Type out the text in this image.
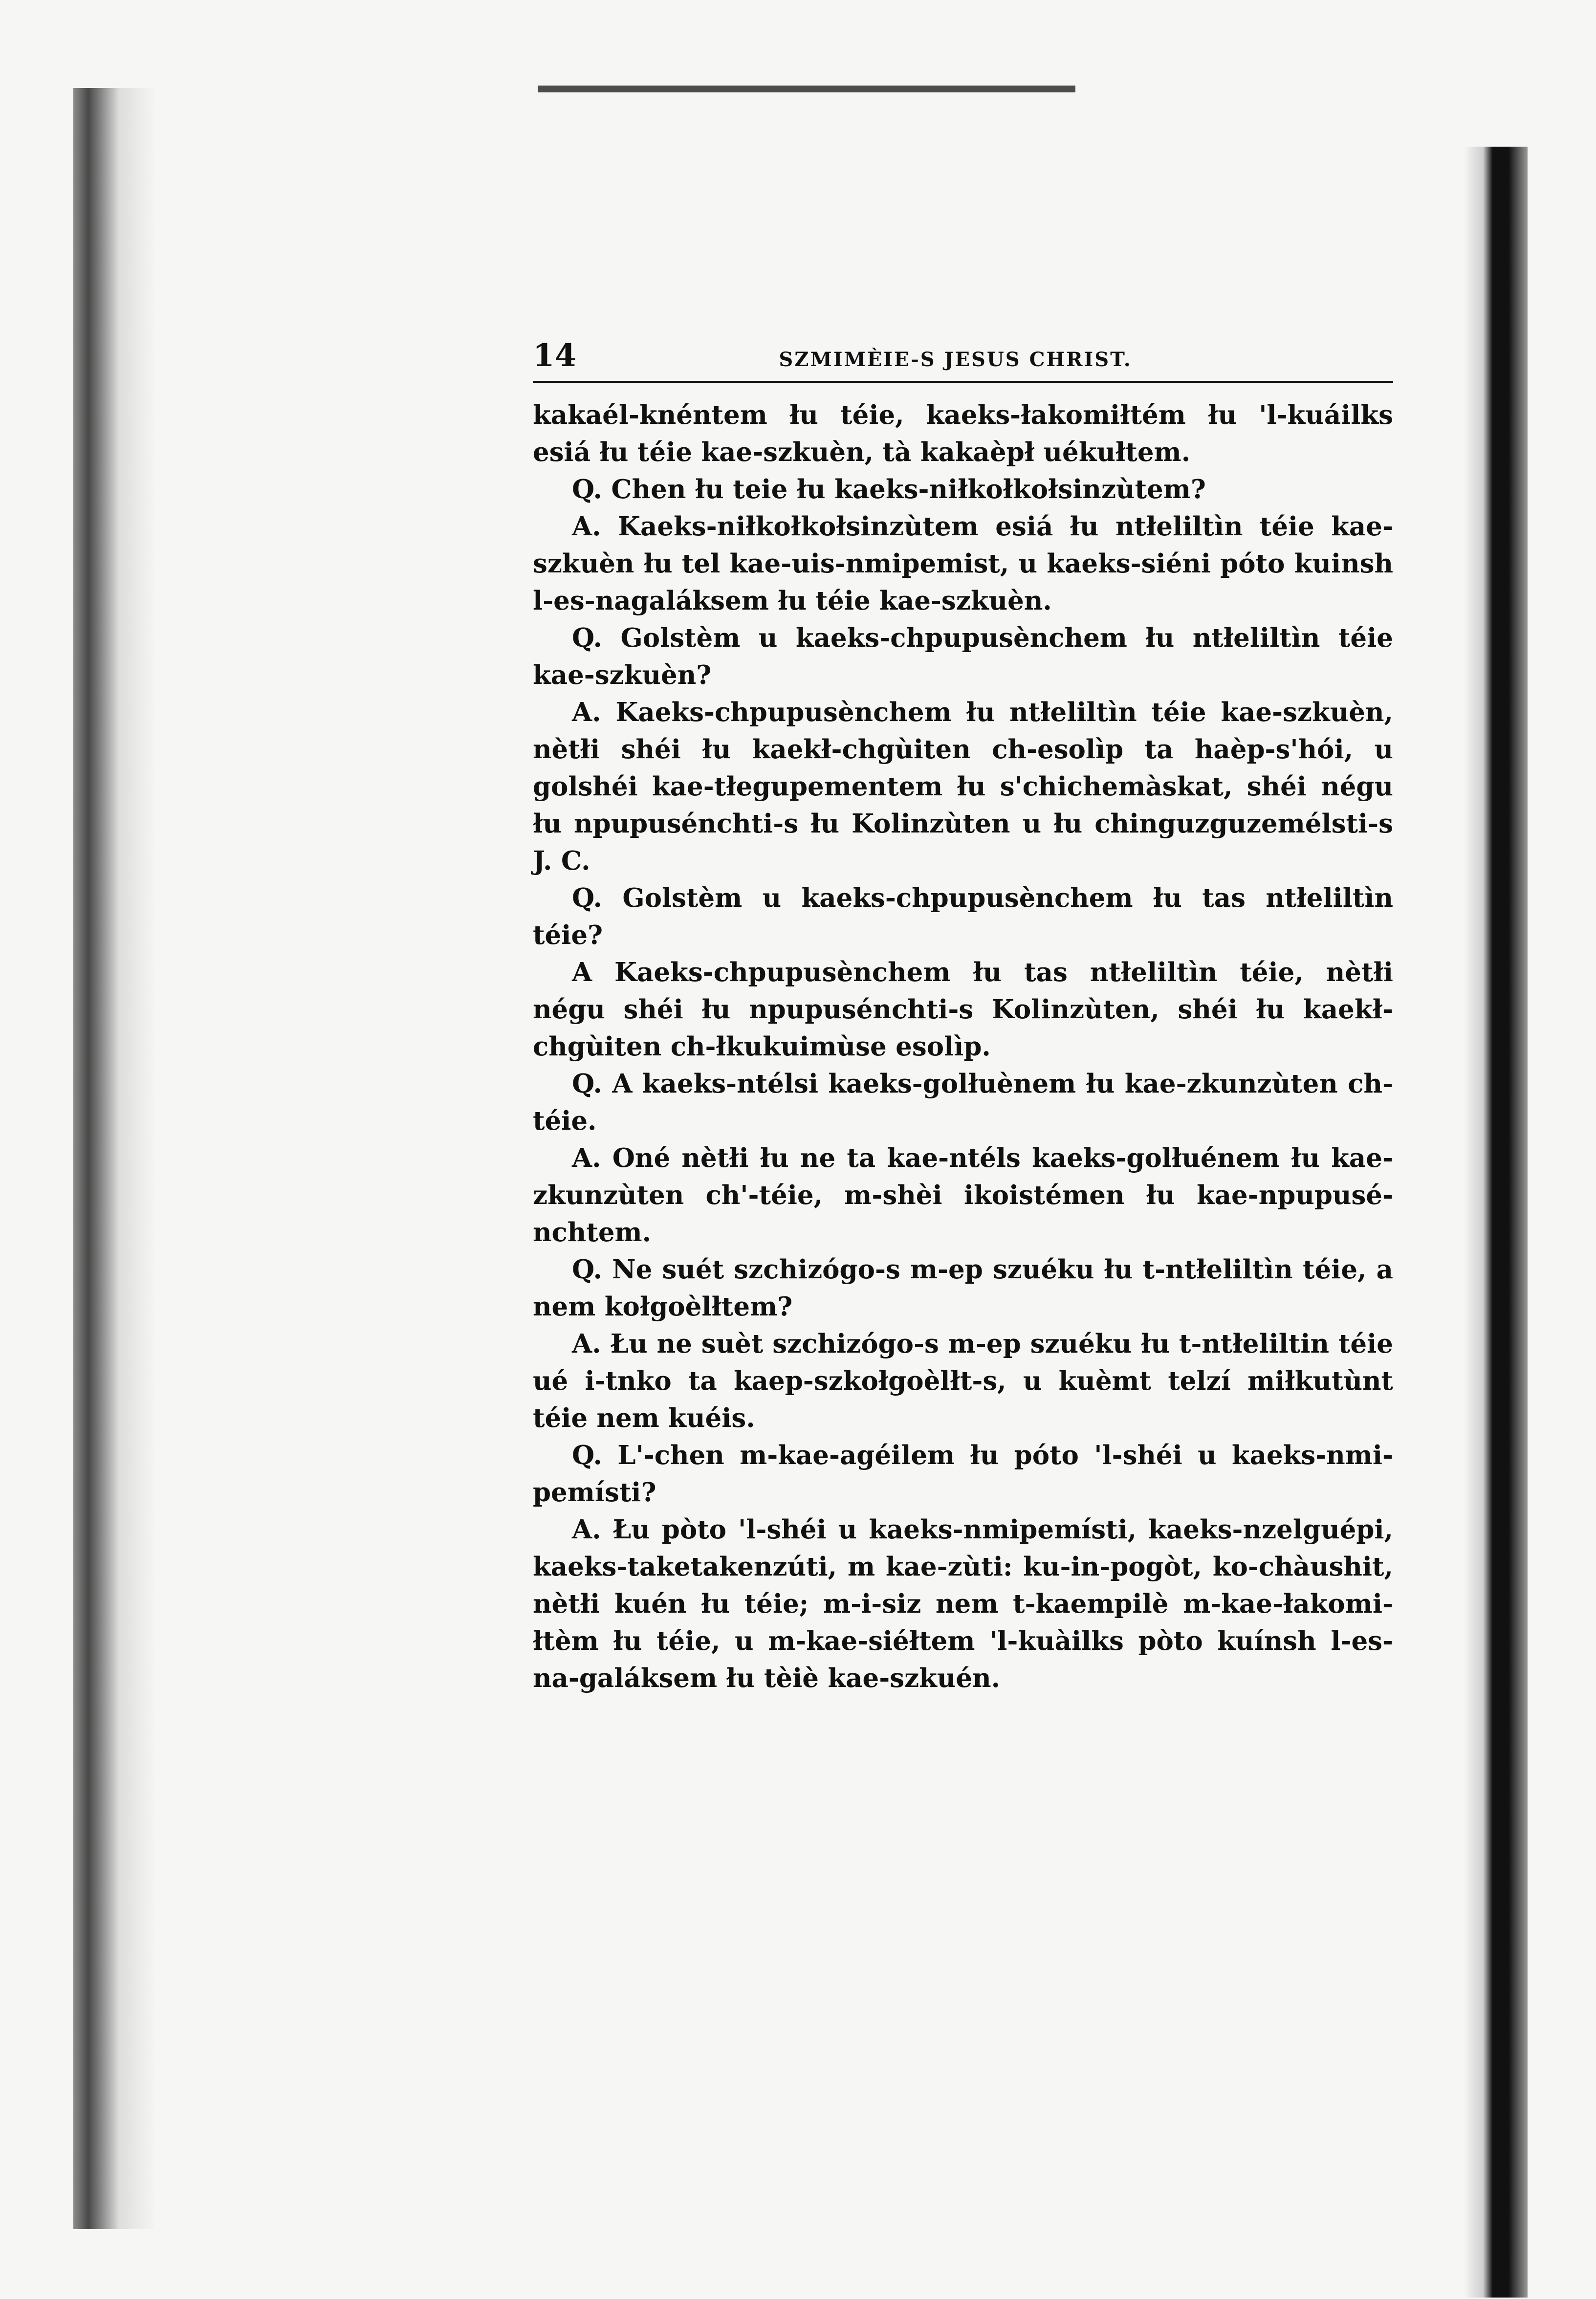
14	SZMIMÈIE-S JESUS CHRIST.

kakaél-knéntem łu téie, kaeks-łakomiłtém łu 'l-kuáilks esiá łu téie kae-szkuèn, tà kakaèpł uékułtem.

Q. Chen łu teie łu kaeks-niłkołkołsinzùtem?

A. Kaeks-niłkołkołsinzùtem esiá łu ntłeliltìn téie kae-szkuèn łu tel kae-uis-nmipemist, u kaeks-siéni póto kuinsh l-es-nagaláksem łu téie kae-szkuèn.

Q. Golstèm u kaeks-chpupusènchem łu ntłeliltìn téie kae-szkuèn?

A. Kaeks-chpupusènchem łu ntłeliltìn téie kae-szkuèn, nètłi shéi łu kaekł-chgùiten ch-esolìp ta haèp-s'hói, u golshéi kae-tłegupementem łu s'chichemàskat, shéi négu łu npupusénchti-s łu Kolinzùten u łu chinguzguzemélsti-s J. C.

Q. Golstèm u kaeks-chpupusènchem łu tas ntłeliltìn téie?

A Kaeks-chpupusènchem łu tas ntłeliltìn téie, nètłi négu shéi łu npupusénchti-s Kolinzùten, shéi łu kaekł-chgùiten ch-łkukuimùse esolìp.

Q. A kaeks-ntélsi kaeks-golłuènem łu kae-zkunzùten ch-téie.

A. Oné nètłi łu ne ta kae-ntéls kaeks-golłuénem łu kae-zkunzùten ch'-téie, m-shèi ikoistémen łu kae-npupusé-nchtem.

Q. Ne suét szchizógo-s m-ep szuéku łu t-ntłeliltìn téie, a nem kołgoèlłtem?

A. Łu ne suèt szchizógo-s m-ep szuéku łu t-ntłeliltin téie ué i-tnko ta kaep-szkołgoèlłt-s, u kuèmt telzí miłkutùnt téie nem kuéis.

Q. L'-chen m-kae-agéilem łu póto 'l-shéi u kaeks-nmi-pemísti?

A. Łu pòto 'l-shéi u kaeks-nmipemísti, kaeks-nzelguépi, kaeks-taketakenzúti, m kae-zùti: ku-in-pogòt, ko-chàushit, nètłi kuén łu téie; m-i-siz nem t-kaempilè m-kae-łakomi-łtèm łu téie, u m-kae-siéłtem 'l-kuàilks pòto kuínsh l-es-na-galáksem łu tèiè kae-szkuén.
